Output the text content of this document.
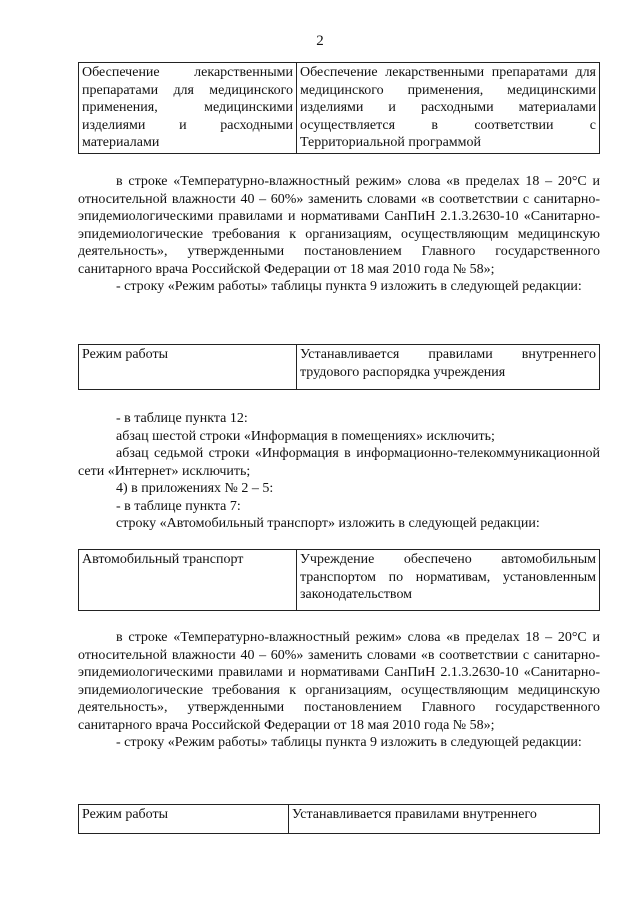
2
Обеспечение лекарственными препаратами для медицинского применения, медицинскими изделиями и расходными материалами	Обеспечение лекарственными препаратами для медицинского применения, медицинскими изделиями и расходными материалами осуществляется в соответствии с Территориальной программой

в строке «Температурно-влажностный режим» слова «в пределах 18 – 20°С и относительной влажности 40 – 60%» заменить словами «в соответствии с санитарно-эпидемиологическими правилами и нормативами СанПиН 2.1.3.2630-10 «Санитарно-эпидемиологические требования к организациям, осуществляющим медицинскую деятельность», утвержденными постановлением Главного государственного санитарного врача Российской Федерации от 18 мая 2010 года № 58»;

- строку «Режим работы» таблицы пункта 9 изложить в следующей редакции:

Режим работы	Устанавливается правилами внутреннего трудового распорядка учреждения

- в таблице пункта 12:

абзац шестой строки «Информация в помещениях» исключить;

абзац седьмой строки «Информация в информационно-телекоммуникационной сети «Интернет» исключить;

4) в приложениях № 2 – 5:

- в таблице пункта 7:

строку «Автомобильный транспорт» изложить в следующей редакции:

Автомобильный транспорт	Учреждение обеспечено автомобильным транспортом по нормативам, установленным законодательством

в строке «Температурно-влажностный режим» слова «в пределах 18 – 20°С и относительной влажности 40 – 60%» заменить словами «в соответствии с санитарно-эпидемиологическими правилами и нормативами СанПиН 2.1.3.2630-10 «Санитарно-эпидемиологические требования к организациям, осуществляющим медицинскую деятельность», утвержденными постановлением Главного государственного санитарного врача Российской Федерации от 18 мая 2010 года № 58»;

- строку «Режим работы» таблицы пункта 9 изложить в следующей редакции:

Режим работы	Устанавливается правилами внутреннего
